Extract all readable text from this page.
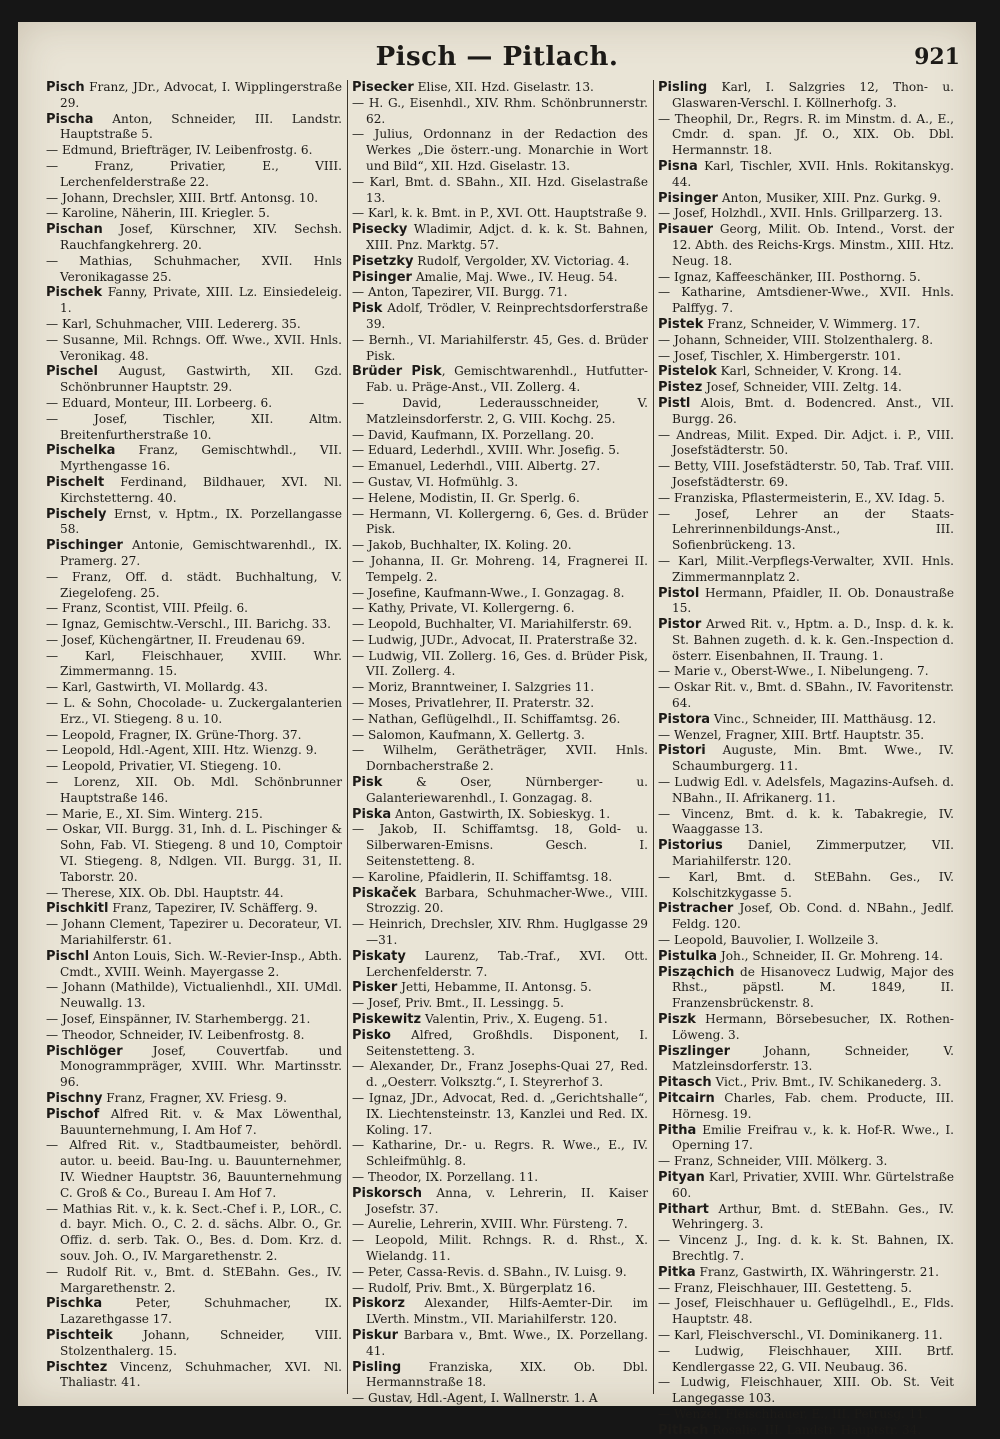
Pisch — Pitlach.	921

Pisch Franz, JDr., Advocat, I. Wipplingerstraße 29.

Pischa Anton, Schneider, III. Landstr. Hauptstraße 5.

— Edmund, Briefträger, IV. Leibenfrostg. 6.

— Franz, Privatier, E., VIII. Lerchenfelderstraße 22.

— Johann, Drechsler, XIII. Brtf. Antonsg. 10.

— Karoline, Näherin, III. Kriegler. 5.

Pischan Josef, Kürschner, XIV. Sechsh. Rauchfangkehrerg. 20.

— Mathias, Schuhmacher, XVII. Hnls Veronikagasse 25.

Pischek Fanny, Private, XIII. Lz. Einsiedeleig. 1.

— Karl, Schuhmacher, VIII. Ledererg. 35.

— Susanne, Mil. Rchngs. Off. Wwe., XVII. Hnls. Veronikag. 48.

Pischel August, Gastwirth, XII. Gzd. Schönbrunner Hauptstr. 29.

— Eduard, Monteur, III. Lorbeerg. 6.

— Josef, Tischler, XII. Altm. Breitenfurtherstraße 10.

Pischelka Franz, Gemischtwhdl., VII. Myrthengasse 16.

Pischelt Ferdinand, Bildhauer, XVI. Nl. Kirchstetterng. 40.

Pischely Ernst, v. Hptm., IX. Porzellangasse 58.

Pischinger Antonie, Gemischtwarenhdl., IX. Pramerg. 27.

— Franz, Off. d. städt. Buchhaltung, V. Ziegelofeng. 25.

— Franz, Scontist, VIII. Pfeilg. 6.

— Ignaz, Gemischtw.-Verschl., III. Barichg. 33.

— Josef, Küchengärtner, II. Freudenau 69.

— Karl, Fleischhauer, XVIII. Whr. Zimmermanng. 15.

— Karl, Gastwirth, VI. Mollardg. 43.

— L. & Sohn, Chocolade- u. Zuckergalanterien Erz., VI. Stiegeng. 8 u. 10.

— Leopold, Fragner, IX. Grüne-Thorg. 37.

— Leopold, Hdl.-Agent, XIII. Htz. Wienzg. 9.

— Leopold, Privatier, VI. Stiegeng. 10.

— Lorenz, XII. Ob. Mdl. Schönbrunner Hauptstraße 146.

— Marie, E., XI. Sim. Winterg. 215.

— Oskar, VII. Burgg. 31, Inh. d. L. Pischinger & Sohn, Fab. VI. Stiegeng. 8 und 10, Comptoir VI. Stiegeng. 8, Ndlgen. VII. Burgg. 31, II. Taborstr. 20.

— Therese, XIX. Ob. Dbl. Hauptstr. 44.

Pischkitl Franz, Tapezirer, IV. Schäfferg. 9.

— Johann Clement, Tapezirer u. Decorateur, VI. Mariahilferstr. 61.

Pischl Anton Louis, Sich. W.-Revier-Insp., Abth. Cmdt., XVIII. Weinh. Mayergasse 2.

— Johann (Mathilde), Victualienhdl., XII. UMdl. Neuwallg. 13.

— Josef, Einspänner, IV. Starhembergg. 21.

— Theodor, Schneider, IV. Leibenfrostg. 8.

Pischlöger Josef, Couvertfab. und Monogrammpräger, XVIII. Whr. Martinsstr. 96.

Pischny Franz, Fragner, XV. Friesg. 9.

Pischof Alfred Rit. v. & Max Löwenthal, Bauunternehmung, I. Am Hof 7.

— Alfred Rit. v., Stadtbaumeister, behördl. autor. u. beeid. Bau-Ing. u. Bauunternehmer, IV. Wiedner Hauptstr. 36, Bauunternehmung C. Groß & Co., Bureau I. Am Hof 7.

— Mathias Rit. v., k. k. Sect.-Chef i. P., LOR., C. d. bayr. Mich. O., C. 2. d. sächs. Albr. O., Gr. Offiz. d. serb. Tak. O., Bes. d. Dom. Krz. d. souv. Joh. O., IV. Margarethenstr. 2.

— Rudolf Rit. v., Bmt. d. StEBahn. Ges., IV. Margarethenstr. 2.

Pischka Peter, Schuhmacher, IX. Lazarethgasse 17.

Pischteik Johann, Schneider, VIII. Stolzenthalerg. 15.

Pischtez Vincenz, Schuhmacher, XVI. Nl. Thaliastr. 41.

Pisecker Elise, XII. Hzd. Giselastr. 13.

— H. G., Eisenhdl., XIV. Rhm. Schönbrunnerstr. 62.

— Julius, Ordonnanz in der Redaction des Werkes „Die österr.-ung. Monarchie in Wort und Bild“, XII. Hzd. Giselastr. 13.

— Karl, Bmt. d. SBahn., XII. Hzd. Giselastraße 13.

— Karl, k. k. Bmt. in P., XVI. Ott. Hauptstraße 9.

Pisecky Wladimir, Adjct. d. k. k. St. Bahnen, XIII. Pnz. Marktg. 57.

Pisetzky Rudolf, Vergolder, XV. Victoriag. 4.

Pisinger Amalie, Maj. Wwe., IV. Heug. 54.

— Anton, Tapezirer, VII. Burgg. 71.

Pisk Adolf, Trödler, V. Reinprechtsdorferstraße 39.

— Bernh., VI. Mariahilferstr. 45, Ges. d. Brüder Pisk.

Brüder Pisk, Gemischtwarenhdl., Hutfutter-Fab. u. Präge-Anst., VII. Zollerg. 4.

— David, Lederausschneider, V. Matzleinsdorferstr. 2, G. VIII. Kochg. 25.

— David, Kaufmann, IX. Porzellang. 20.

— Eduard, Lederhdl., XVIII. Whr. Josefig. 5.

— Emanuel, Lederhdl., VIII. Albertg. 27.

— Gustav, VI. Hofmühlg. 3.

— Helene, Modistin, II. Gr. Sperlg. 6.

— Hermann, VI. Kollergerng. 6, Ges. d. Brüder Pisk.

— Jakob, Buchhalter, IX. Koling. 20.

— Johanna, II. Gr. Mohreng. 14, Fragnerei II. Tempelg. 2.

— Josefine, Kaufmann-Wwe., I. Gonzagag. 8.

— Kathy, Private, VI. Kollergerng. 6.

— Leopold, Buchhalter, VI. Mariahilferstr. 69.

— Ludwig, JUDr., Advocat, II. Praterstraße 32.

— Ludwig, VII. Zollerg. 16, Ges. d. Brüder Pisk, VII. Zollerg. 4.

— Moriz, Branntweiner, I. Salzgries 11.

— Moses, Privatlehrer, II. Praterstr. 32.

— Nathan, Geflügelhdl., II. Schiffamtsg. 26.

— Salomon, Kaufmann, X. Gellertg. 3.

— Wilhelm, Gerätheträger, XVII. Hnls. Dornbacherstraße 2.

Pisk & Oser, Nürnberger- u. Galanteriewarenhdl., I. Gonzagag. 8.

Piska Anton, Gastwirth, IX. Sobieskyg. 1.

— Jakob, II. Schiffamtsg. 18, Gold- u. Silberwaren-Emisns. Gesch. I. Seitenstetteng. 8.

— Karoline, Pfaidlerin, II. Schiffamtsg. 18.

Piskaček Barbara, Schuhmacher-Wwe., VIII. Strozzig. 20.

— Heinrich, Drechsler, XIV. Rhm. Huglgasse 29—31.

Piskaty Laurenz, Tab.-Traf., XVI. Ott. Lerchenfelderstr. 7.

Pisker Jetti, Hebamme, II. Antonsg. 5.

— Josef, Priv. Bmt., II. Lessingg. 5.

Piskewitz Valentin, Priv., X. Eugeng. 51.

Pisko Alfred, Großhdls. Disponent, I. Seitenstetteng. 3.

— Alexander, Dr., Franz Josephs-Quai 27, Red. d. „Oesterr. Volksztg.“, I. Steyrerhof 3.

— Ignaz, JDr., Advocat, Red. d. „Gerichtshalle“, IX. Liechtensteinstr. 13, Kanzlei und Red. IX. Koling. 17.

— Katharine, Dr.- u. Regrs. R. Wwe., E., IV. Schleifmühlg. 8.

— Theodor, IX. Porzellang. 11.

Piskorsch Anna, v. Lehrerin, II. Kaiser Josefstr. 37.

— Aurelie, Lehrerin, XVIII. Whr. Fürsteng. 7.

— Leopold, Milit. Rchngs. R. d. Rhst., X. Wielandg. 11.

— Peter, Cassa-Revis. d. SBahn., IV. Luisg. 9.

— Rudolf, Priv. Bmt., X. Bürgerplatz 16.

Piskorz Alexander, Hilfs-Aemter-Dir. im LVerth. Minstm., VII. Mariahilferstr. 120.

Piskur Barbara v., Bmt. Wwe., IX. Porzellang. 41.

Pisling Franziska, XIX. Ob. Dbl. Hermannstraße 18.

— Gustav, Hdl.-Agent, I. Wallnerstr. 1. A

Pisling Karl, I. Salzgries 12, Thon- u. Glaswaren-Verschl. I. Köllnerhofg. 3.

— Theophil, Dr., Regrs. R. im Minstm. d. A., E., Cmdr. d. span. Jf. O., XIX. Ob. Dbl. Hermannstr. 18.

Pisna Karl, Tischler, XVII. Hnls. Rokitanskyg. 44.

Pisinger Anton, Musiker, XIII. Pnz. Gurkg. 9.

— Josef, Holzhdl., XVII. Hnls. Grillparzerg. 13.

Pisauer Georg, Milit. Ob. Intend., Vorst. der 12. Abth. des Reichs-Krgs. Minstm., XIII. Htz. Neug. 18.

— Ignaz, Kaffeeschänker, III. Posthorng. 5.

— Katharine, Amtsdiener-Wwe., XVII. Hnls. Palffyg. 7.

Pistek Franz, Schneider, V. Wimmerg. 17.

— Johann, Schneider, VIII. Stolzenthalerg. 8.

— Josef, Tischler, X. Himbergerstr. 101.

Pistelok Karl, Schneider, V. Krong. 14.

Pistez Josef, Schneider, VIII. Zeltg. 14.

Pistl Alois, Bmt. d. Bodencred. Anst., VII. Burgg. 26.

— Andreas, Milit. Exped. Dir. Adjct. i. P., VIII. Josefstädterstr. 50.

— Betty, VIII. Josefstädterstr. 50, Tab. Traf. VIII. Josefstädterstr. 69.

— Franziska, Pflastermeisterin, E., XV. Idag. 5.

— Josef, Lehrer an der Staats-Lehrerinnenbildungs-Anst., III. Sofienbrückeng. 13.

— Karl, Milit.-Verpflegs-Verwalter, XVII. Hnls. Zimmermannplatz 2.

Pistol Hermann, Pfaidler, II. Ob. Donaustraße 15.

Pistor Arwed Rit. v., Hptm. a. D., Insp. d. k. k. St. Bahnen zugeth. d. k. k. Gen.-Inspection d. österr. Eisenbahnen, II. Traung. 1.

— Marie v., Oberst-Wwe., I. Nibelungeng. 7.

— Oskar Rit. v., Bmt. d. SBahn., IV. Favoritenstr. 64.

Pistora Vinc., Schneider, III. Matthäusg. 12.

— Wenzel, Fragner, XIII. Brtf. Hauptstr. 35.

Pistori Auguste, Min. Bmt. Wwe., IV. Schaumburgerg. 11.

— Ludwig Edl. v. Adelsfels, Magazins-Aufseh. d. NBahn., II. Afrikanerg. 11.

— Vincenz, Bmt. d. k. k. Tabakregie, IV. Waaggasse 13.

Pistorius Daniel, Zimmerputzer, VII. Mariahilferstr. 120.

— Karl, Bmt. d. StEBahn. Ges., IV. Kolschitzkygasse 5.

Pistracher Josef, Ob. Cond. d. NBahn., Jedlf. Feldg. 120.

— Leopold, Bauvolier, I. Wollzeile 3.

Pistulka Joh., Schneider, II. Gr. Mohreng. 14.

Pisząchich de Hisanovecz Ludwig, Major des Rhst., päpstl. M. 1849, II. Franzensbrückenstr. 8.

Piszk Hermann, Börsebesucher, IX. Rothen-Löweng. 3.

Piszlinger Johann, Schneider, V. Matzleinsdorferstr. 13.

Pitasch Vict., Priv. Bmt., IV. Schikanederg. 3.

Pitcairn Charles, Fab. chem. Producte, III. Hörnesg. 19.

Pitha Emilie Freifrau v., k. k. Hof-R. Wwe., I. Operning 17.

— Franz, Schneider, VIII. Mölkerg. 3.

Pityan Karl, Privatier, XVIII. Whr. Gürtelstraße 60.

Pithart Arthur, Bmt. d. StEBahn. Ges., IV. Wehringerg. 3.

— Vincenz J., Ing. d. k. k. St. Bahnen, IX. Brechtlg. 7.

Pitka Franz, Gastwirth, IX. Währingerstr. 21.

— Franz, Fleischhauer, III. Gestetteng. 5.

— Josef, Fleischhauer u. Geflügelhdl., E., Flds. Hauptstr. 48.

— Karl, Fleischverschl., VI. Dominikanerg. 11.

— Ludwig, Fleischhauer, XIII. Brtf. Kendlergasse 22, G. VII. Neubaug. 36.

— Ludwig, Fleischhauer, XIII. Ob. St. Veit Langegasse 103.

— Wenzel, Fleischhauer, E., III. Petrusg. 11.

Pitlach Rosalie, III. Landstr. Hauptstr. 34.
